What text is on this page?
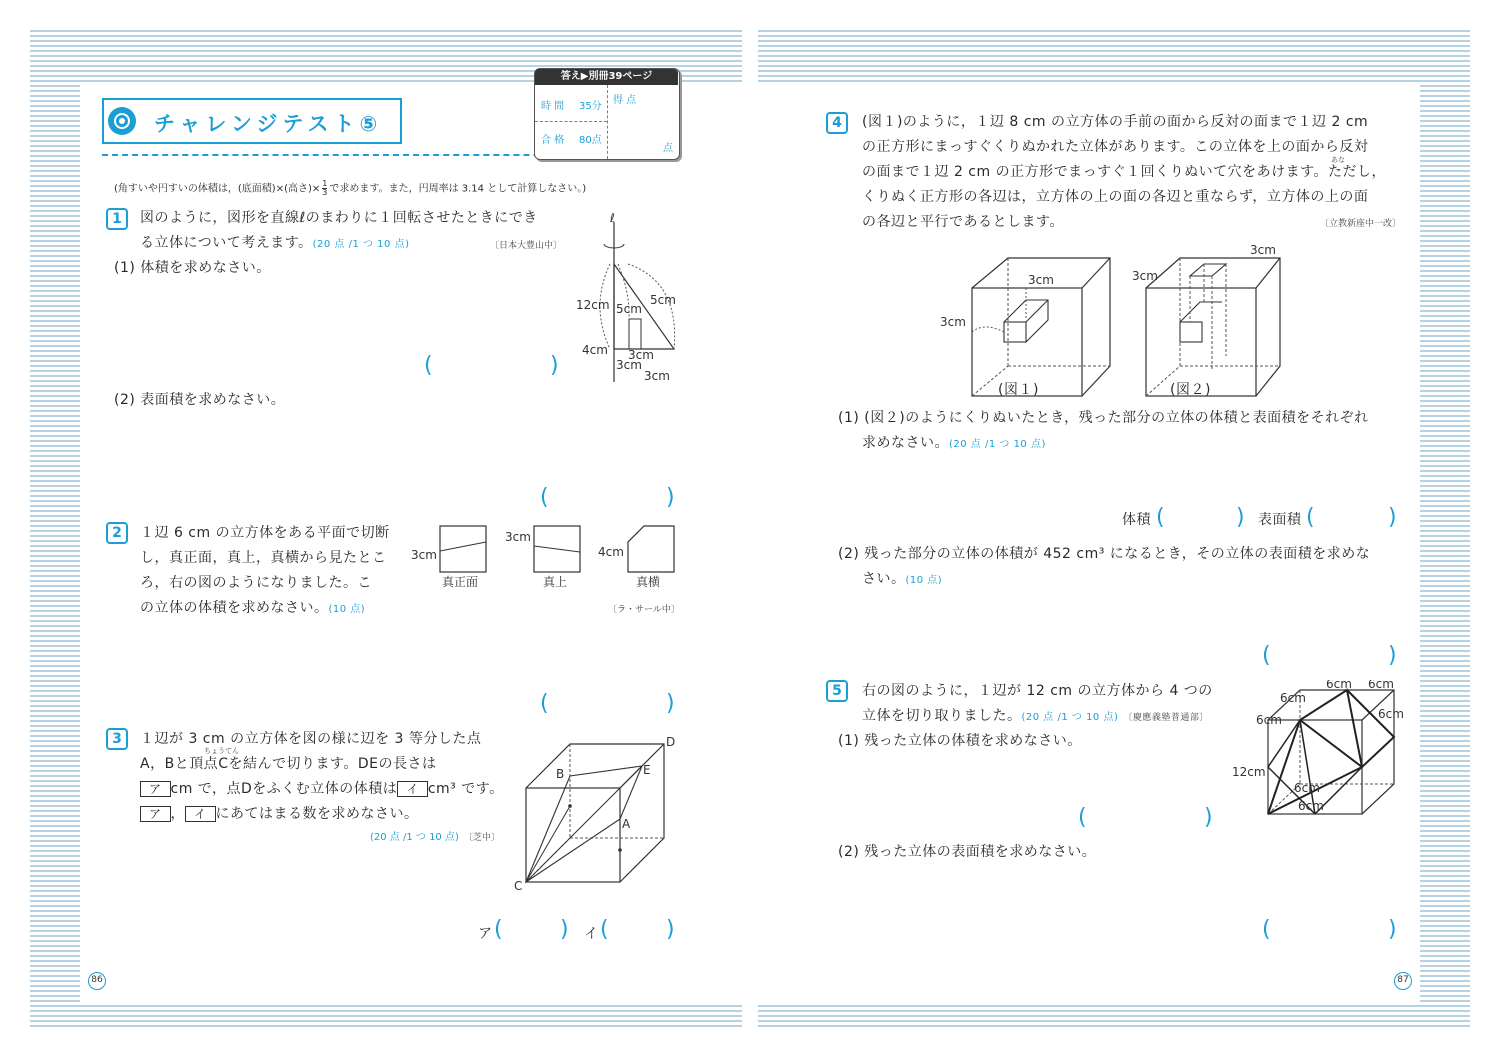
チャレンジテスト⑤
答え▶別冊39ページ
時 間 35分
合 格 80点
得 点
点
(角すいや円すいの体積は，(底面積)×(高さ)× $\frac{1}{3}$ で求めます。また，円周率は 3.14 として計算しなさい。)
1	図のように，図形を直線ℓのまわりに１回転させたときにでき
る立体について考えます。(20 点 /1 つ 10 点)	〔日本大豊山中〕
(1) 体積を求めなさい。
ℓ
12cm 5cm
5cm
4cm 3cm
3cm
3cm
(	)
(2) 表面積を求めなさい。
(	)
2	１辺 6 cm の立方体をある平面で切断
し，真正面，真上，真横から見たとこ
ろ，右の図のようになりました。こ
の立体の体積を求めなさい。(10 点)	〔ラ・サール中〕
3cm
3cm
4cm
真正面	真上	真横
(	)
3	１辺が 3 cm の立方体を図の様に辺を 3 等分した点
ちょうてん
A，Bと頂点Cを結んで切ります。DEの長さは
ア cm で，点Dをふくむ立体の体積は イ cm³ です。
ア ， イ にあてはまる数を求めなさい。
(20 点 /1 つ 10 点) 〔芝中〕
A
B
C
D
E
ア (	) イ (	)
86
4	(図１)のように，１辺 8 cm の立方体の手前の面から反対の面まで１辺 2 cm
の正方形にまっすぐくりぬかれた立体があります。この立体を上の面から反対
あな
の面まで１辺 2 cm の正方形でまっすぐ１回くりぬいて穴をあけます。ただし，
くりぬく正方形の各辺は，立方体の上の面の各辺と重ならず，立方体の上の面
の各辺と平行であるとします。	〔立教新座中一改〕
3cm
3cm
3cm
3cm
(図１)	(図２)
(1) (図２)のようにくりぬいたとき，残った部分の立体の体積と表面積をそれぞれ
求めなさい。(20 点 /1 つ 10 点)
体積 (	) 表面積 (	)
(2) 残った部分の立体の体積が 452 cm³ になるとき，その立体の表面積を求めな
さい。(10 点)
(	)
5	右の図のように，１辺が 12 cm の立方体から 4 つの
立体を切り取りました。(20 点 /1 つ 10 点) 〔慶應義塾普通部〕
(1) 残った立体の体積を求めなさい。
6cm 6cm
6cm
6cm	6cm
12cm
6cm
6cm
(	)
(2) 残った立体の表面積を求めなさい。
(	)
87
